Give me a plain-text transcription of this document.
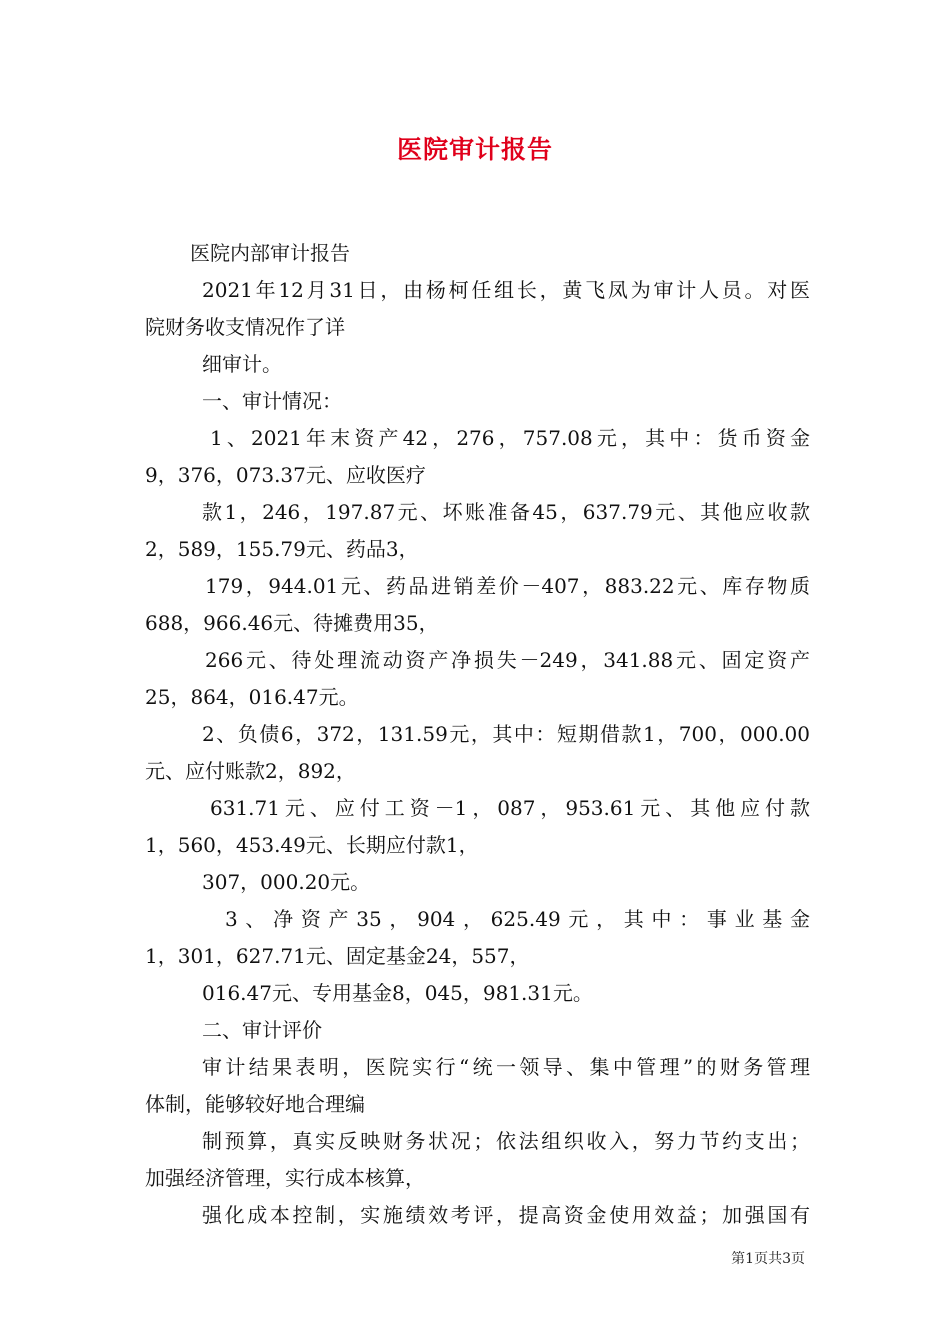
医院审计报告

医院内部审计报告

2021年12月31日，由杨柯任组长，黄飞凤为审计人员。对医

院财务收支情况作了详

细审计。

一、审计情况：

1、2021年末资产42，276，757.08元，其中：货币资金

9，376，073.37元、应收医疗

款1，246，197.87元、坏账准备45，637.79元、其他应收款

2，589，155.79元、药品3，

179，944.01元、药品进销差价－407，883.22元、库存物质

688，966.46元、待摊费用35，

266元、待处理流动资产净损失－249，341.88元、固定资产

25，864，016.47元。

2、负债6，372，131.59元，其中：短期借款1，700，000.00

元、应付账款2，892，

631.71元、应付工资－1，087，953.61元、其他应付款

1，560，453.49元、长期应付款1，

307，000.20元。

3、净资产35，904，625.49元，其中：事业基金

1，301，627.71元、固定基金24，557，

016.47元、专用基金8，045，981.31元。

二、审计评价

审计结果表明，医院实行“统一领导、集中管理”的财务管理

体制，能够较好地合理编

制预算，真实反映财务状况；依法组织收入，努力节约支出；

加强经济管理，实行成本核算，

强化成本控制，实施绩效考评，提高资金使用效益；加强国有

第1页共3页
